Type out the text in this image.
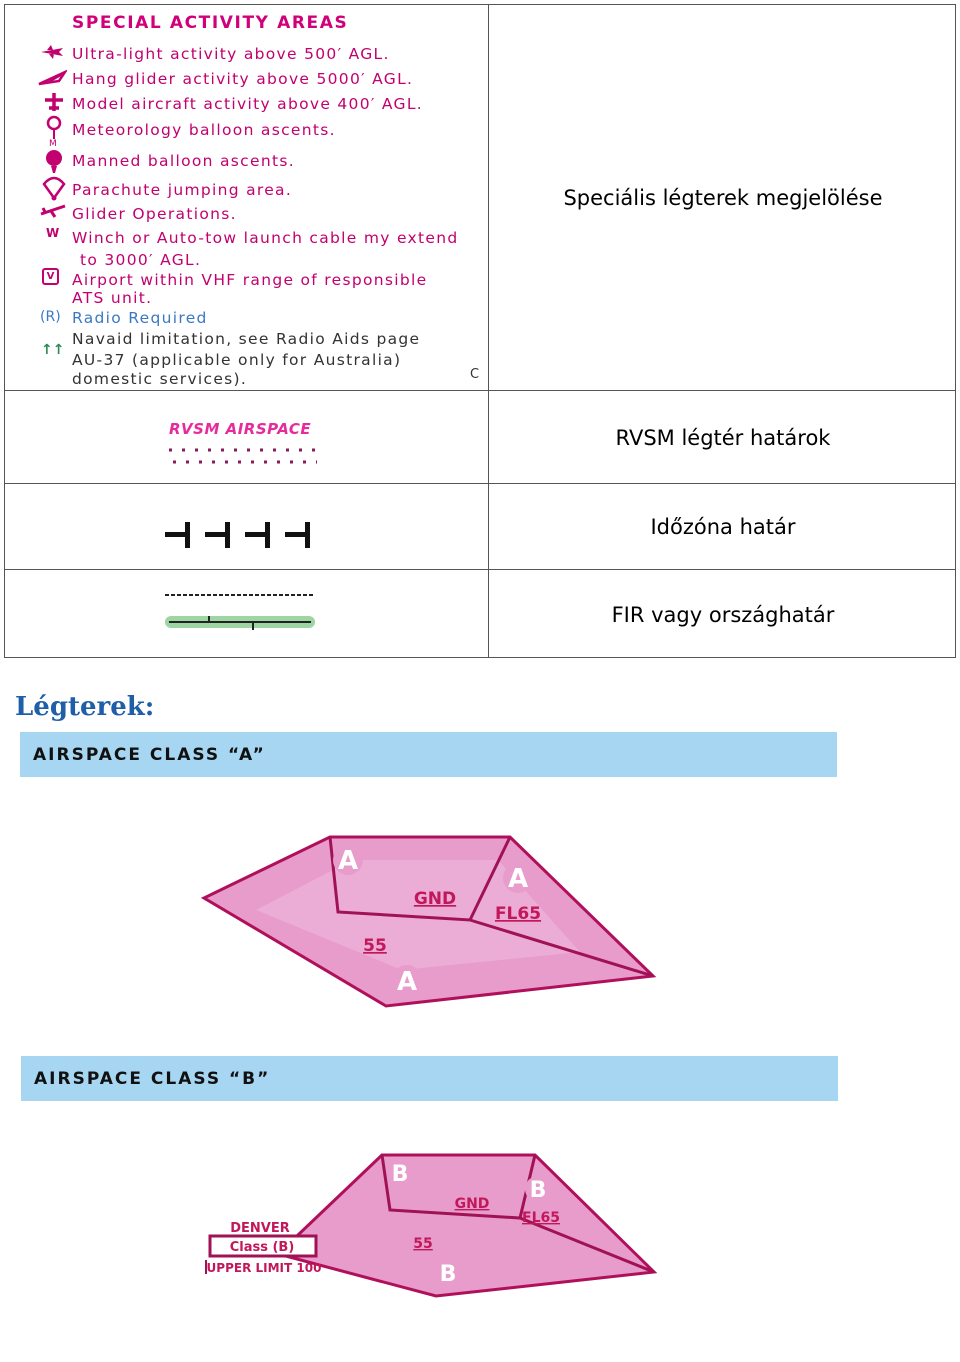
SPECIAL ACTIVITY AREAS
Ultra-light activity above 500′ AGL.
Hang glider activity above 5000′ AGL.
Model aircraft activity above 400′ AGL.
M
Meteorology balloon ascents.
Manned balloon ascents.
Parachute jumping area.
Glider Operations.
W Winch or Auto-tow launch cable my extend
to 3000′ AGL.
V Airport within VHF range of responsible
ATS unit.
(R) Radio Required
Navaid limitation, see Radio Aids page
↑↑
AU-37 (applicable only for Australia)
domestic services).	C
Speciális légterek megjelölése
RVSM AIRSPACE	RVSM légtér határok
Időzóna határ
FIR vagy országhatár
Légterek:
AIRSPACE CLASS “A”
A
A
A
GND
FL65
55
AIRSPACE CLASS “B”
B
B
B
GND
FL65
55
DENVER
Class (B)
UPPER LIMIT 100
